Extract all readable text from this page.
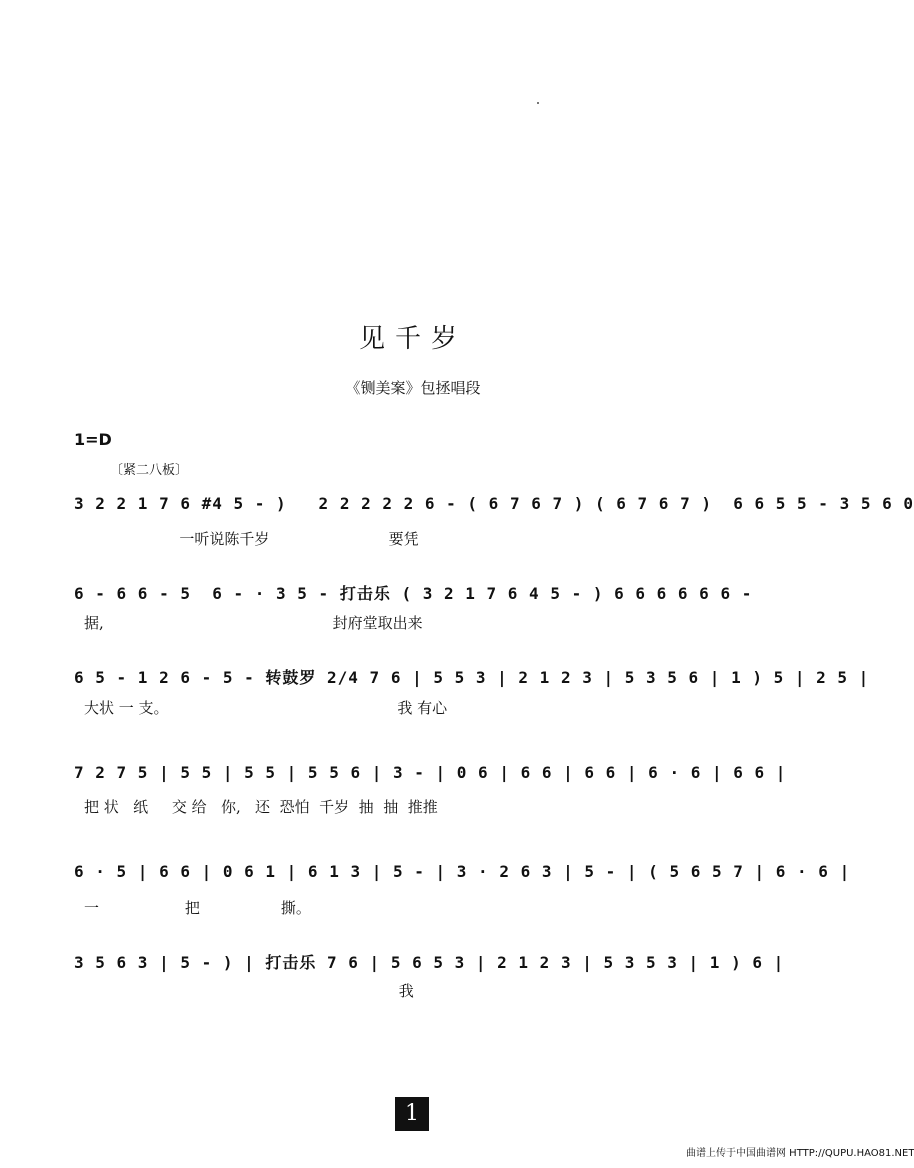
见千岁
《铡美案》包拯唱段
1=D
〔紧二八板〕
3 2 2 1 7 6 #4 5 - )   2 2 2 2 2 6 - ( 6 7 6 7 ) ( 6 7 6 7 )  6 6 5 5 - 3 5 6 0
一听说陈千岁                         要凭
6 - 6 6 - 5  6 - · 3 5 - 打击乐 ( 3 2 1 7 6 4 5 - ) 6 6 6 6 6 6 -
据,                                                封府堂取出来
6 5 - 1 2 6 - 5 - 转鼓罗 2/4 7 6 | 5 5 3 | 2 1 2 3 | 5 3 5 6 | 1 ) 5 | 2 5 |
大状 一 支。                                                我 有心
7 2 7 5 | 5 5 | 5 5 | 5 5 6 | 3 - | 0 6 | 6 6 | 6 6 | 6 · 6 | 6 6 |
把 状   纸     交 给   你,   还  恐怕  千岁  抽  抽  推推
6 · 5 | 6 6 | 0 6 1 | 6 1 3 | 5 - | 3 · 2 6 3 | 5 - | ( 5 6 5 7 | 6 · 6 |
一                  把                 撕。
3 5 6 3 | 5 - ) | 打击乐 7 6 | 5 6 5 3 | 2 1 2 3 | 5 3 5 3 | 1 ) 6 |
我
1
曲谱上传于中国曲谱网 HTTP://QUPU.HAO81.NET
